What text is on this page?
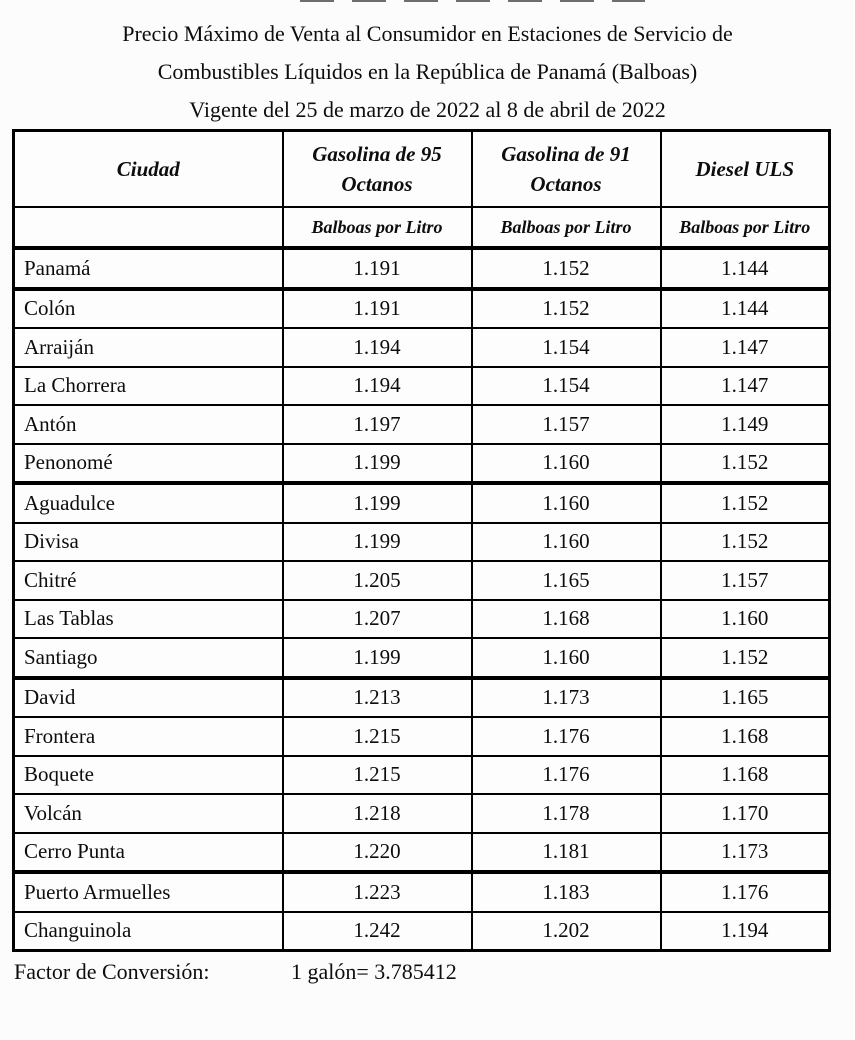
Precio Máximo de Venta al Consumidor en Estaciones de Servicio de
Combustibles Líquidos en la República de Panamá (Balboas)
Vigente del 25 de marzo de 2022 al 8 de abril de 2022
Ciudad	Gasolina de 95 Octanos	Gasolina de 91 Octanos	Diesel ULS
	Balboas por Litro	Balboas por Litro	Balboas por Litro
Panamá	1.191	1.152	1.144
Colón	1.191	1.152	1.144
Arraiján	1.194	1.154	1.147
La Chorrera	1.194	1.154	1.147
Antón	1.197	1.157	1.149
Penonomé	1.199	1.160	1.152
Aguadulce	1.199	1.160	1.152
Divisa	1.199	1.160	1.152
Chitré	1.205	1.165	1.157
Las Tablas	1.207	1.168	1.160
Santiago	1.199	1.160	1.152
David	1.213	1.173	1.165
Frontera	1.215	1.176	1.168
Boquete	1.215	1.176	1.168
Volcán	1.218	1.178	1.170
Cerro Punta	1.220	1.181	1.173
Puerto Armuelles	1.223	1.183	1.176
Changuinola	1.242	1.202	1.194
Factor de Conversión:	1 galón= 3.785412
